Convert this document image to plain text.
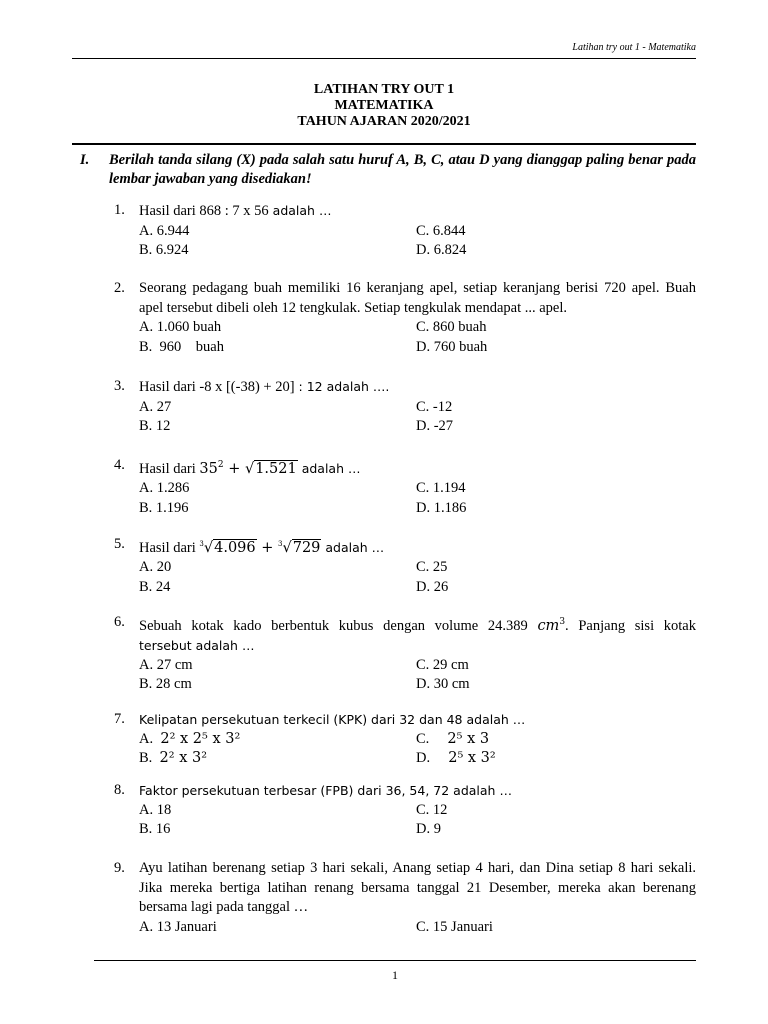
Latihan try out 1 - Matematika
LATIHAN TRY OUT 1
MATEMATIKA
TAHUN AJARAN 2020/2021
I. Berilah tanda silang (X) pada salah satu huruf A, B, C, atau D yang dianggap paling benar pada lembar jawaban yang disediakan!
1. Hasil dari 868 : 7 x 56 adalah …
A. 6.944	C. 6.844
B. 6.924	D. 6.824
2. Seorang pedagang buah memiliki 16 keranjang apel, setiap keranjang berisi 720 apel. Buah apel tersebut dibeli oleh 12 tengkulak. Setiap tengkulak mendapat ... apel.
A. 1.060 buah	C. 860 buah
B.  960    buah	D. 760 buah
3. Hasil dari -8 x [(-38) + 20] : 12 adalah ….
A. 27	C. -12
B. 12	D. -27
4. Hasil dari $35^2 + √1.521$ adalah …
A. 1.286	C. 1.194
B. 1.196	D. 1.186
5. Hasil dari $^3$√4.096 + $^3$√729 adalah …
A. 20	C. 25
B. 24	D. 26
6. Sebuah kotak kado berbentuk kubus dengan volume 24.389 $cm^3$. Panjang sisi kotak
tersebut adalah …
A. 27 cm	C. 29 cm
B. 28 cm	D. 30 cm
7. Kelipatan persekutuan terkecil (KPK) dari 32 dan 48 adalah …
A. 2² x 2⁵ x 3²	C. 2⁵ x 3
B. 2² x 3²	D. 2⁵ x 3²
8. Faktor persekutuan terbesar (FPB) dari 36, 54, 72 adalah …
A. 18	C. 12
B. 16	D. 9
9. Ayu latihan berenang setiap 3 hari sekali, Anang setiap 4 hari, dan Dina setiap 8 hari sekali. Jika mereka bertiga latihan renang bersama tanggal 21 Desember, mereka akan berenang bersama lagi pada tanggal …
A. 13 Januari	C. 15 Januari
1
